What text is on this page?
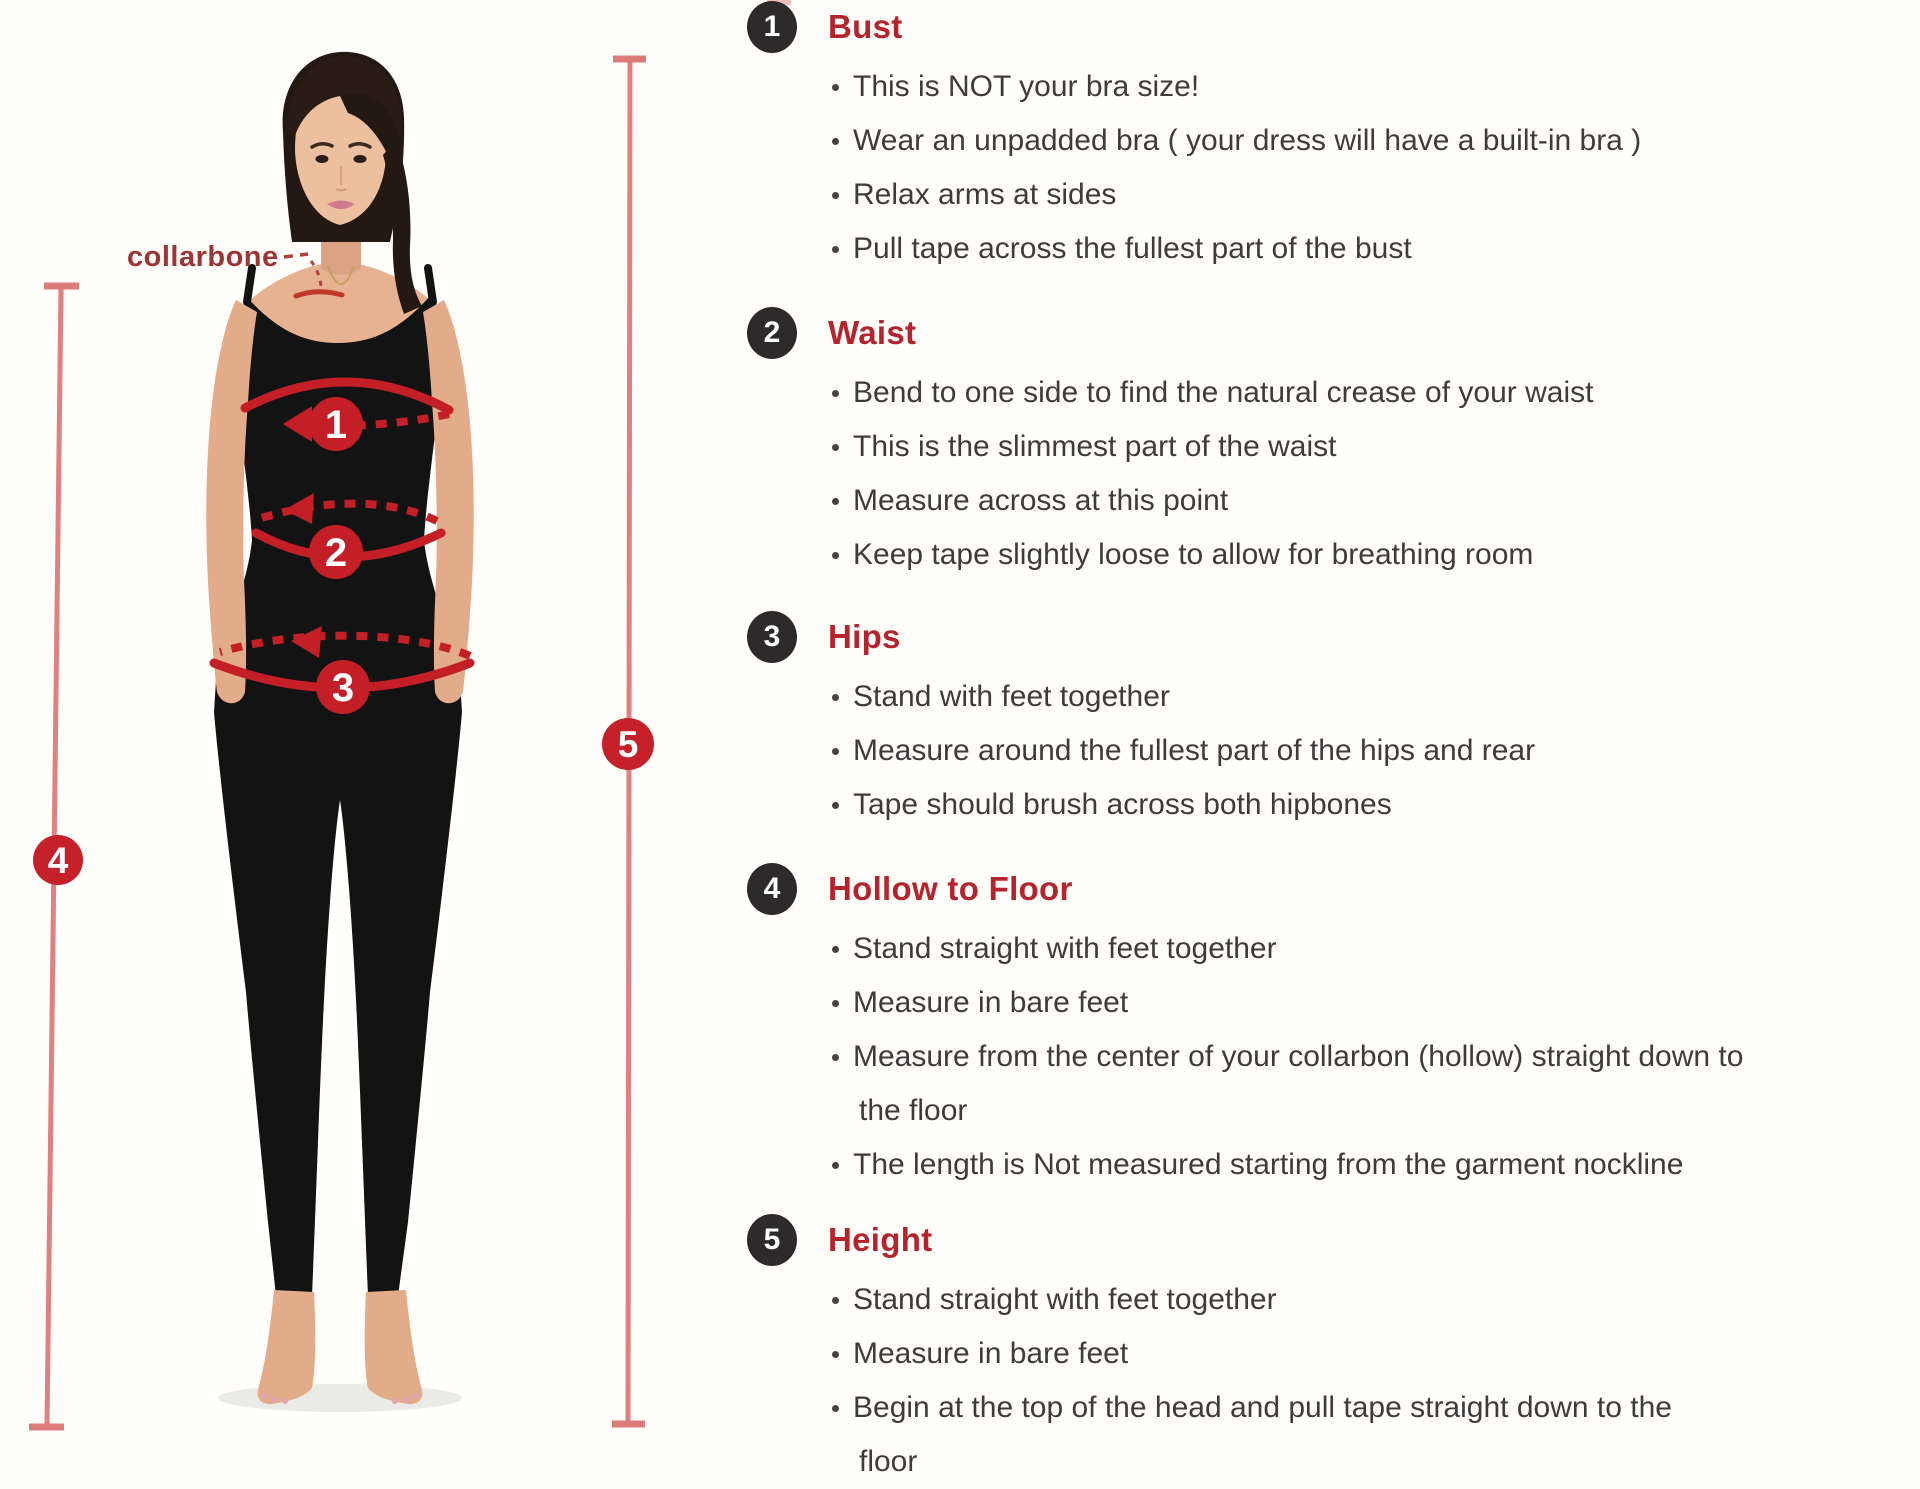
collarbone
1
2
3
4
5
1	Bust
This is NOT your bra size!
Wear an unpadded bra ( your dress will have a built-in bra )
Relax arms at sides
Pull tape across the fullest part of the bust
2	Waist
Bend to one side to find the natural crease of your waist
This is the slimmest part of the waist
Measure across at this point
Keep tape slightly loose to allow for breathing room
3	Hips
Stand with feet together
Measure around the fullest part of the hips and rear
Tape should brush across both hipbones
4	Hollow to Floor
Stand straight with feet together
Measure in bare feet
Measure from the center of your collarbon (hollow) straight down to
the floor
The length is Not measured starting from the garment nockline
5	Height
Stand straight with feet together
Measure in bare feet
Begin at the top of the head and pull tape straight down to the
floor
